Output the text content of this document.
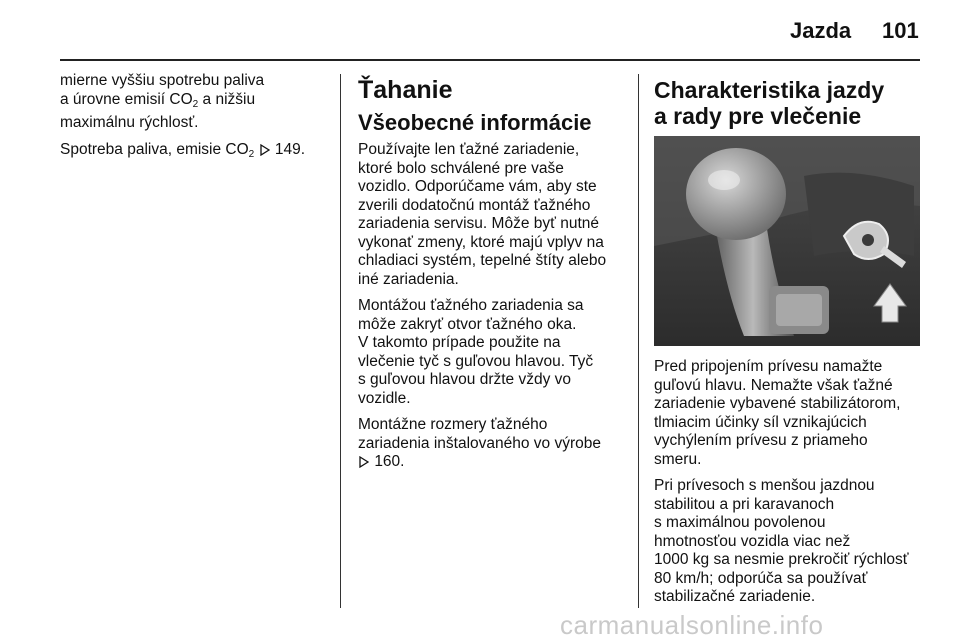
Jazda 101

mierne vyššiu spotrebu paliva
a úrovne emisií $CO_2$ a nižšiu
maximálnu rýchlosť.

Spotreba paliva, emisie $CO_2$ 149.

Ťahanie
Všeobecné informácie

Používajte len ťažné zariadenie,
ktoré bolo schválené pre vaše
vozidlo. Odporúčame vám, aby ste
zverili dodatočnú montáž ťažného
zariadenia servisu. Môže byť nutné
vykonať zmeny, ktoré majú vplyv na
chladiaci systém, tepelné štíty alebo
iné zariadenia.

Montážou ťažného zariadenia sa
môže zakryť otvor ťažného oka.
V takomto prípade použite na
vlečenie tyč s guľovou hlavou. Tyč
s guľovou hlavou držte vždy vo
vozidle.

Montážne rozmery ťažného
zariadenia inštalovaného vo výrobe
160.

Charakteristika jazdy
a rady pre vlečenie

Pred pripojením prívesu namažte
guľovú hlavu. Nemažte však ťažné
zariadenie vybavené stabilizátorom,
tlmiacim účinky síl vznikajúcich
vychýlením prívesu z priameho
smeru.

Pri prívesoch s menšou jazdnou
stabilitou a pri karavanoch
s maximálnou povolenou
hmotnosťou vozidla viac než
1000 kg sa nesmie prekročiť rýchlosť
80 km/h; odporúča sa používať
stabilizačné zariadenie.

carmanualsonline.info
